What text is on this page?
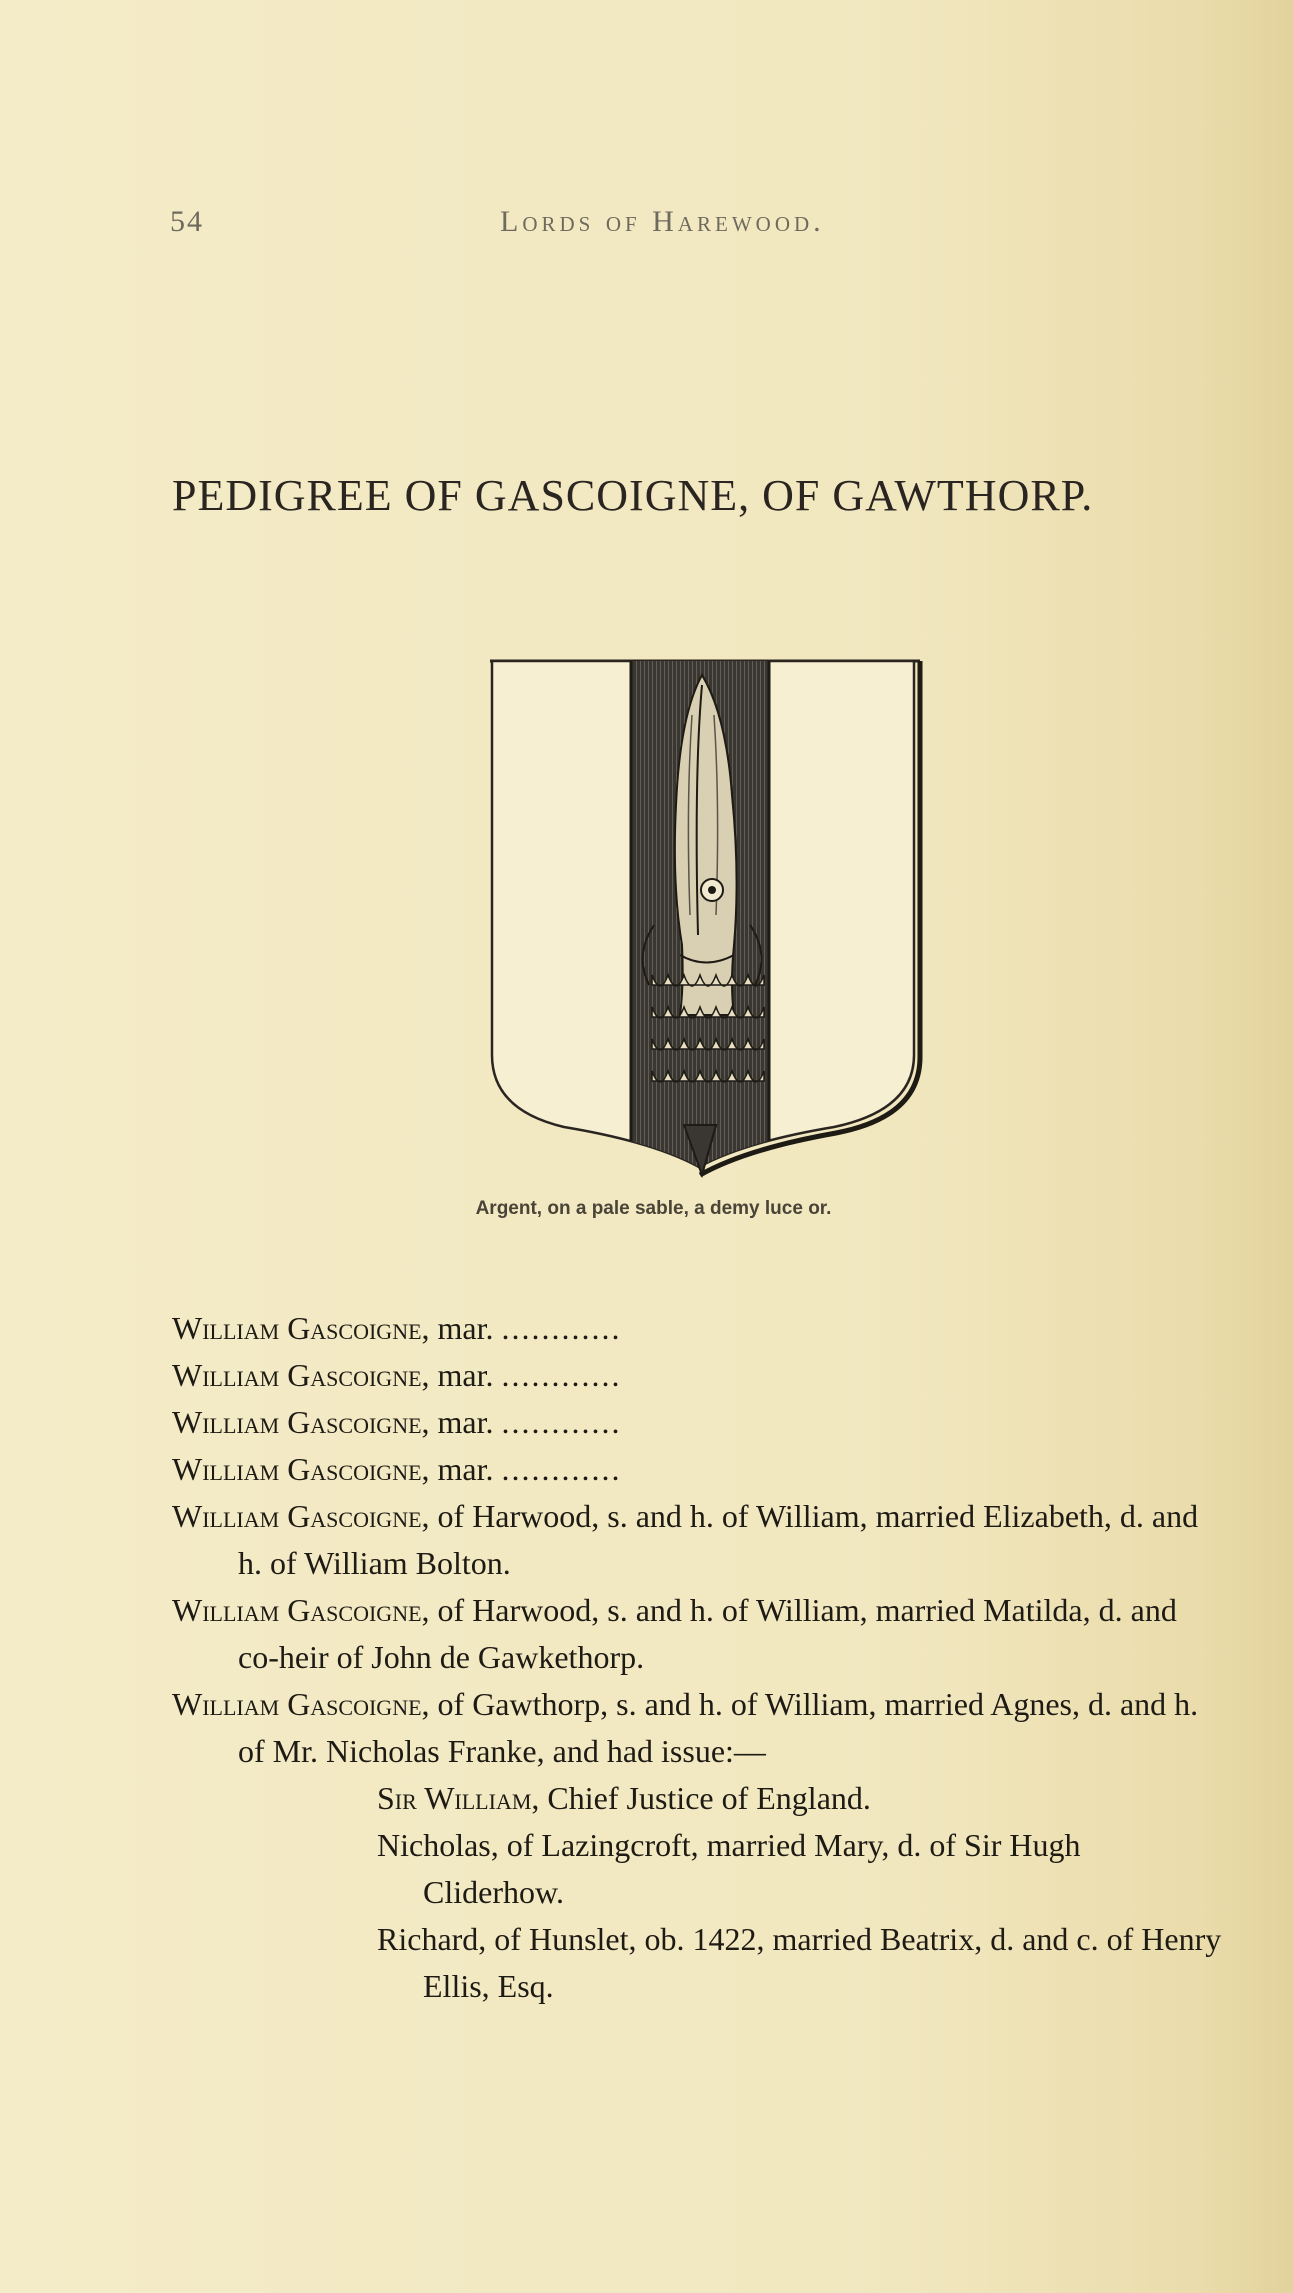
54	Lords of Harewood.
PEDIGREE OF GASCOIGNE, OF GAWTHORP.
Argent, on a pale sable, a demy luce or.

William Gascoigne, mar. ............

William Gascoigne, mar. ............

William Gascoigne, mar. ............

William Gascoigne, mar. ............

William Gascoigne, of Harwood, s. and h. of William, married Elizabeth, d. and h. of William Bolton.

William Gascoigne, of Harwood, s. and h. of William, married Matilda, d. and co-heir of John de Gawkethorp.

William Gascoigne, of Gawthorp, s. and h. of William, married Agnes, d. and h. of Mr. Nicholas Franke, and had issue:—

Sir William, Chief Justice of England.

Nicholas, of Lazingcroft, married Mary, d. of Sir Hugh Cliderhow.

Richard, of Hunslet, ob. 1422, married Beatrix, d. and c. of Henry Ellis, Esq.
